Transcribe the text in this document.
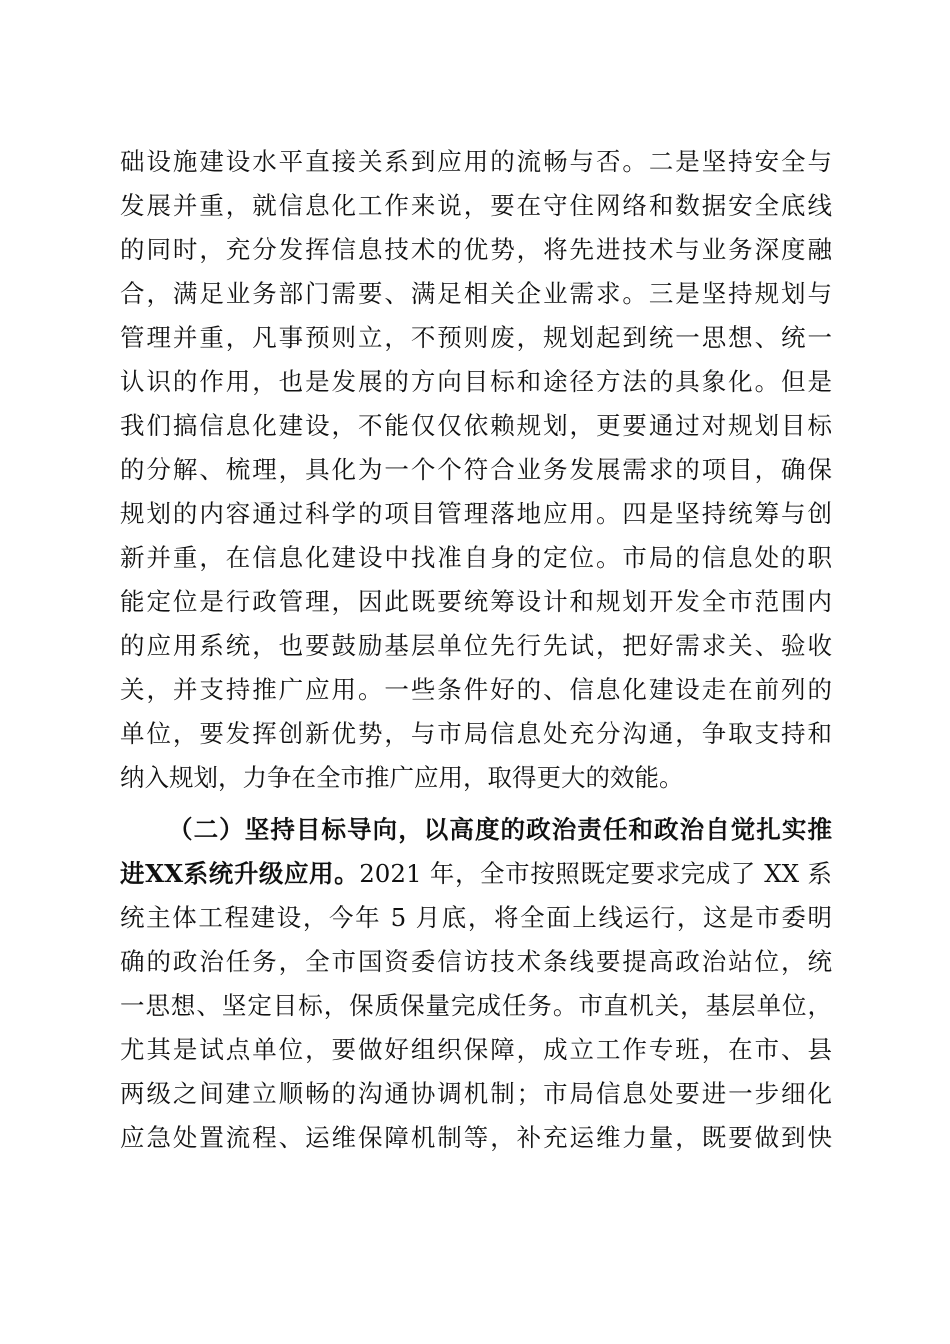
础设施建设水平直接关系到应用的流畅与否。二是坚持安全与
发展并重，就信息化工作来说，要在守住网络和数据安全底线
的同时，充分发挥信息技术的优势，将先进技术与业务深度融
合，满足业务部门需要、满足相关企业需求。三是坚持规划与
管理并重，凡事预则立，不预则废，规划起到统一思想、统一
认识的作用，也是发展的方向目标和途径方法的具象化。但是
我们搞信息化建设，不能仅仅依赖规划，更要通过对规划目标
的分解、梳理，具化为一个个符合业务发展需求的项目，确保
规划的内容通过科学的项目管理落地应用。四是坚持统筹与创
新并重，在信息化建设中找准自身的定位。市局的信息处的职
能定位是行政管理，因此既要统筹设计和规划开发全市范围内
的应用系统，也要鼓励基层单位先行先试，把好需求关、验收
关，并支持推广应用。一些条件好的、信息化建设走在前列的
单位，要发挥创新优势，与市局信息处充分沟通，争取支持和
纳入规划，力争在全市推广应用，取得更大的效能。
（二）坚持目标导向，以高度的政治责任和政治自觉扎实推
进XX系统升级应用。2021 年，全市按照既定要求完成了 XX 系
统主体工程建设，今年 5 月底，将全面上线运行，这是市委明
确的政治任务，全市国资委信访技术条线要提高政治站位，统
一思想、坚定目标，保质保量完成任务。市直机关，基层单位，
尤其是试点单位，要做好组织保障，成立工作专班，在市、县
两级之间建立顺畅的沟通协调机制；市局信息处要进一步细化
应急处置流程、运维保障机制等，补充运维力量，既要做到快
